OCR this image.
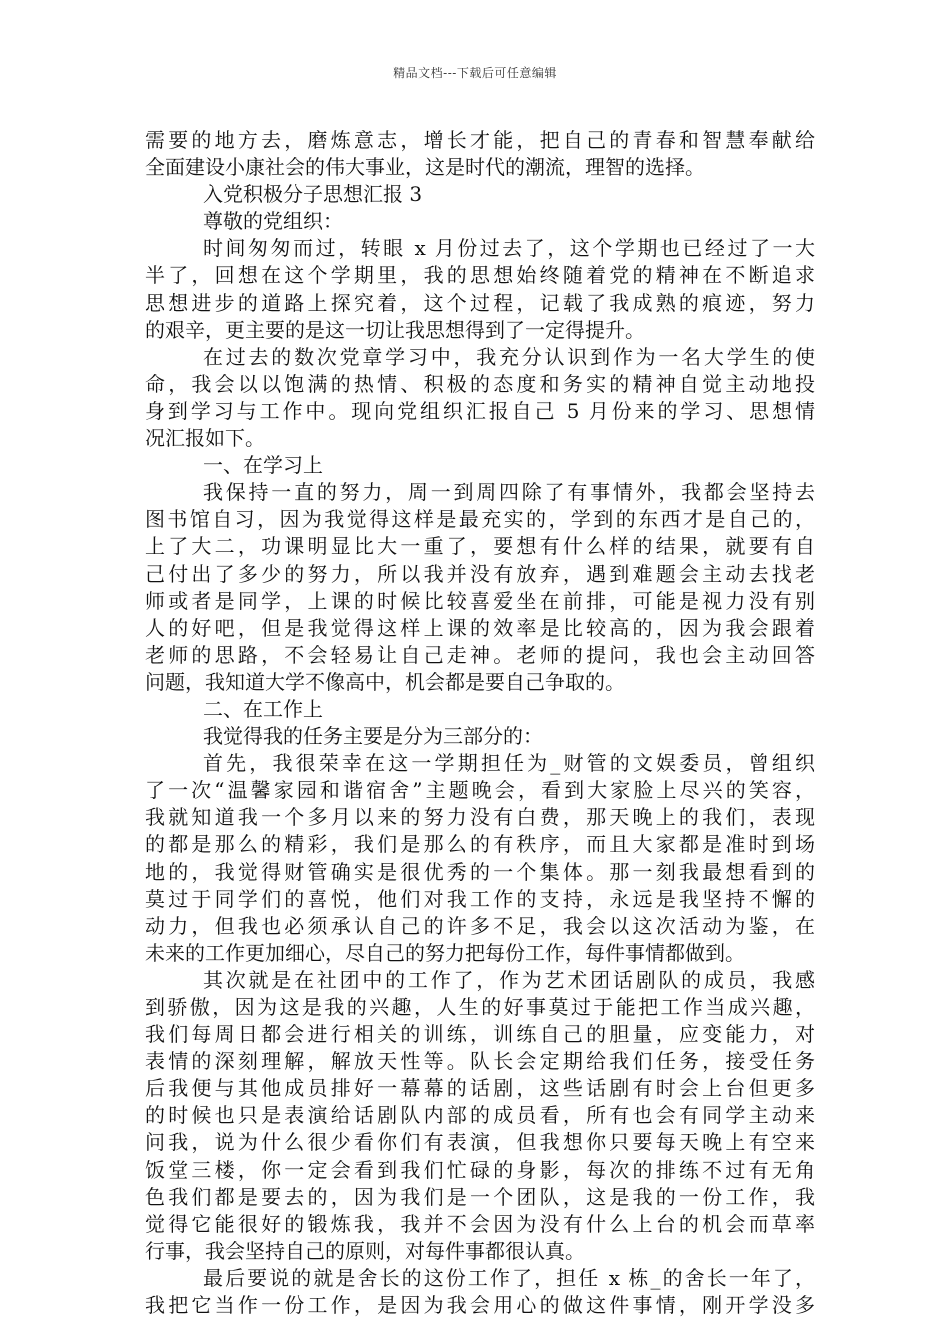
精品文档---下载后可任意编辑
需要的地方去，磨炼意志，增长才能，把自己的青春和智慧奉献给
全面建设小康社会的伟大事业，这是时代的潮流，理智的选择。
入党积极分子思想汇报 3
尊敬的党组织：
时间匆匆而过，转眼 x 月份过去了，这个学期也已经过了一大
半了，回想在这个学期里，我的思想始终随着党的精神在不断追求
思想进步的道路上探究着，这个过程，记载了我成熟的痕迹，努力
的艰辛，更主要的是这一切让我思想得到了一定得提升。
在过去的数次党章学习中，我充分认识到作为一名大学生的使
命，我会以以饱满的热情、积极的态度和务实的精神自觉主动地投
身到学习与工作中。现向党组织汇报自己 5 月份来的学习、思想情
况汇报如下。
一、在学习上
我保持一直的努力，周一到周四除了有事情外，我都会坚持去
图书馆自习，因为我觉得这样是最充实的，学到的东西才是自己的，
上了大二，功课明显比大一重了，要想有什么样的结果，就要有自
己付出了多少的努力，所以我并没有放弃，遇到难题会主动去找老
师或者是同学，上课的时候比较喜爱坐在前排，可能是视力没有别
人的好吧，但是我觉得这样上课的效率是比较高的，因为我会跟着
老师的思路，不会轻易让自己走神。老师的提问，我也会主动回答
问题，我知道大学不像高中，机会都是要自己争取的。
二、在工作上
我觉得我的任务主要是分为三部分的：
首先，我很荣幸在这一学期担任为_财管的文娱委员，曾组织
了一次“温馨家园和谐宿舍”主题晚会，看到大家脸上尽兴的笑容，
我就知道我一个多月以来的努力没有白费，那天晚上的我们，表现
的都是那么的精彩，我们是那么的有秩序，而且大家都是准时到场
地的，我觉得财管确实是很优秀的一个集体。那一刻我最想看到的
莫过于同学们的喜悦，他们对我工作的支持，永远是我坚持不懈的
动力，但我也必须承认自己的许多不足，我会以这次活动为鉴，在
未来的工作更加细心，尽自己的努力把每份工作，每件事情都做到。
其次就是在社团中的工作了，作为艺术团话剧队的成员，我感
到骄傲，因为这是我的兴趣，人生的好事莫过于能把工作当成兴趣，
我们每周日都会进行相关的训练，训练自己的胆量，应变能力，对
表情的深刻理解，解放天性等。队长会定期给我们任务，接受任务
后我便与其他成员排好一幕幕的话剧，这些话剧有时会上台但更多
的时候也只是表演给话剧队内部的成员看，所有也会有同学主动来
问我，说为什么很少看你们有表演，但我想你只要每天晚上有空来
饭堂三楼，你一定会看到我们忙碌的身影，每次的排练不过有无角
色我们都是要去的，因为我们是一个团队，这是我的一份工作，我
觉得它能很好的锻炼我，我并不会因为没有什么上台的机会而草率
行事，我会坚持自己的原则，对每件事都很认真。
最后要说的就是舍长的这份工作了，担任 x 栋_的舍长一年了，
我把它当作一份工作，是因为我会用心的做这件事情，刚开学没多
